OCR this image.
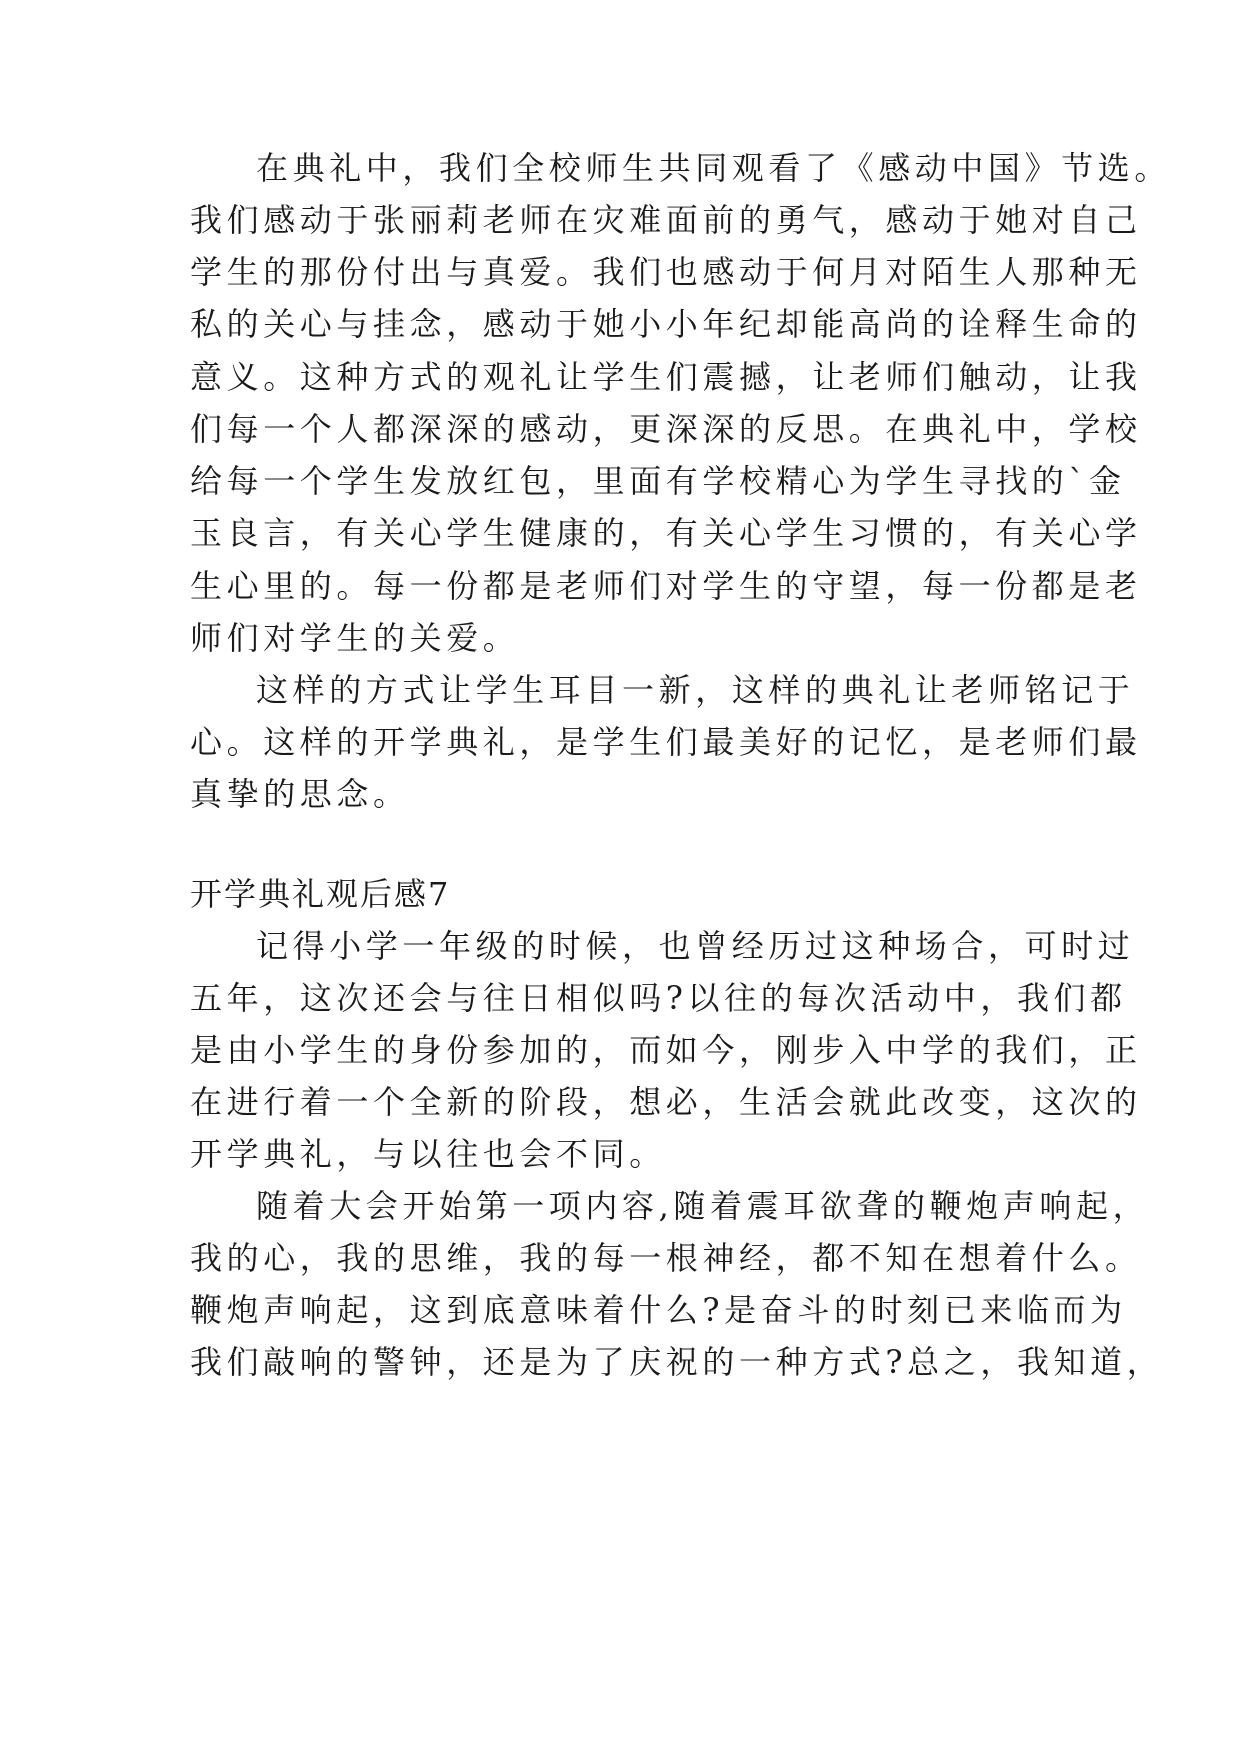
在典礼中，我们全校师生共同观看了《感动中国》节选。
我们感动于张丽莉老师在灾难面前的勇气，感动于她对自己
学生的那份付出与真爱。我们也感动于何月对陌生人那种无
私的关心与挂念，感动于她小小年纪却能高尚的诠释生命的
意义。这种方式的观礼让学生们震撼，让老师们触动，让我
们每一个人都深深的感动，更深深的反思。在典礼中，学校
给每一个学生发放红包，里面有学校精心为学生寻找的`金
玉良言，有关心学生健康的，有关心学生习惯的，有关心学
生心里的。每一份都是老师们对学生的守望，每一份都是老
师们对学生的关爱。
这样的方式让学生耳目一新，这样的典礼让老师铭记于
心。这样的开学典礼，是学生们最美好的记忆，是老师们最
真挚的思念。
开学典礼观后感7
记得小学一年级的时候，也曾经历过这种场合，可时过
五年，这次还会与往日相似吗?以往的每次活动中，我们都
是由小学生的身份参加的，而如今，刚步入中学的我们，正
在进行着一个全新的阶段，想必，生活会就此改变，这次的
开学典礼，与以往也会不同。
随着大会开始第一项内容,随着震耳欲聋的鞭炮声响起，
我的心，我的思维，我的每一根神经，都不知在想着什么。
鞭炮声响起，这到底意味着什么?是奋斗的时刻已来临而为
我们敲响的警钟，还是为了庆祝的一种方式?总之，我知道，
